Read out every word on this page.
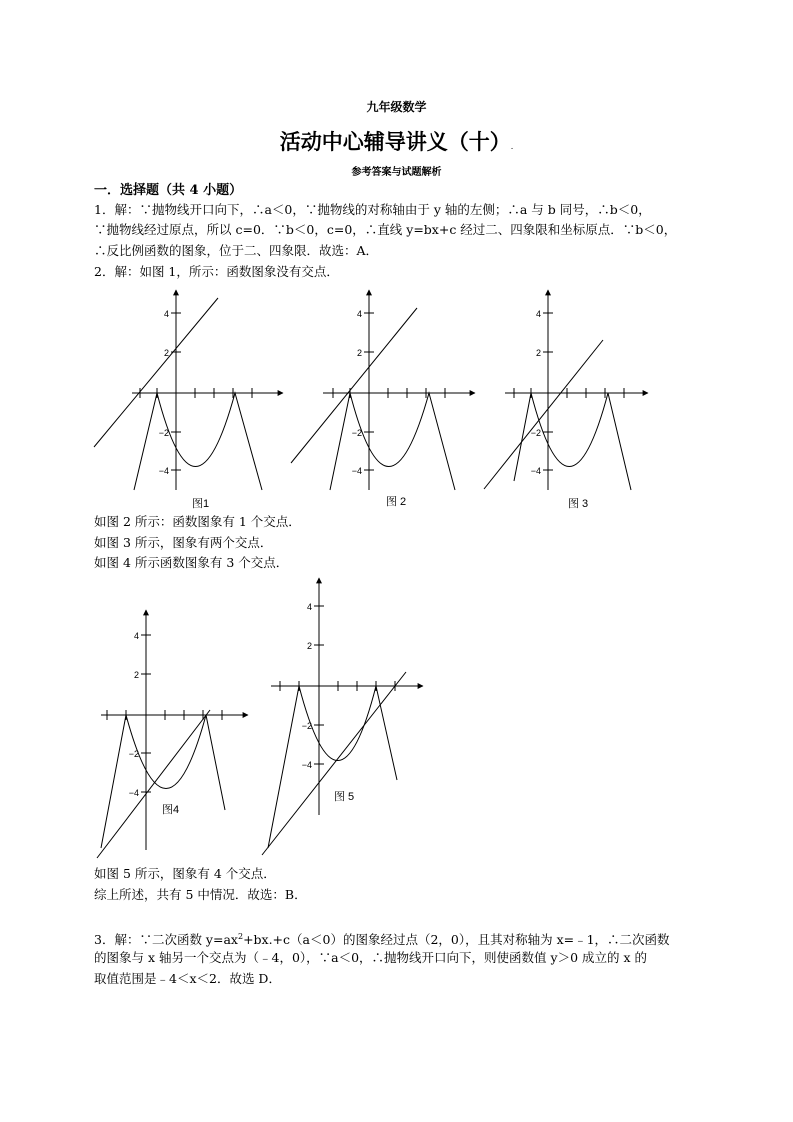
九年级数学
活动中心辅导讲义（十）.
参考答案与试题解析
一．选择题（共 4 小题）
1．解：∵抛物线开口向下，∴a＜0，∵抛物线的对称轴由于 y 轴的左侧；∴a 与 b 同号，∴b＜0，
∵抛物线经过原点，所以 c=0．∵b＜0，c=0，∴直线 y=bx+c 经过二、四象限和坐标原点．∵b＜0，
∴反比例函数的图象，位于二、四象限．故选：A．
2．解：如图 1，所示：函数图象没有交点．
4
2
−2
−4
图1
4
2
−2
−4
图 2
4
2
−2
−4
图 3
4
2
−2
−4
图4
4
2
−2
−4
图 5
如图 2 所示：函数图象有 1 个交点．
如图 3 所示，图象有两个交点．
如图 4 所示函数图象有 3 个交点．
如图 5 所示，图象有 4 个交点．
综上所述，共有 5 中情况．故选：B．
3．解：∵二次函数 $y=ax^2+bx.+c(a<0)$的图象经过点（2，0），且其对称轴为 x=﹣1，∴二次函数
的图象与 x 轴另一个交点为（﹣4，0），∵a＜0，∴抛物线开口向下，则使函数值 y＞0 成立的 x 的
取值范围是﹣4＜x＜2．故选 D．
